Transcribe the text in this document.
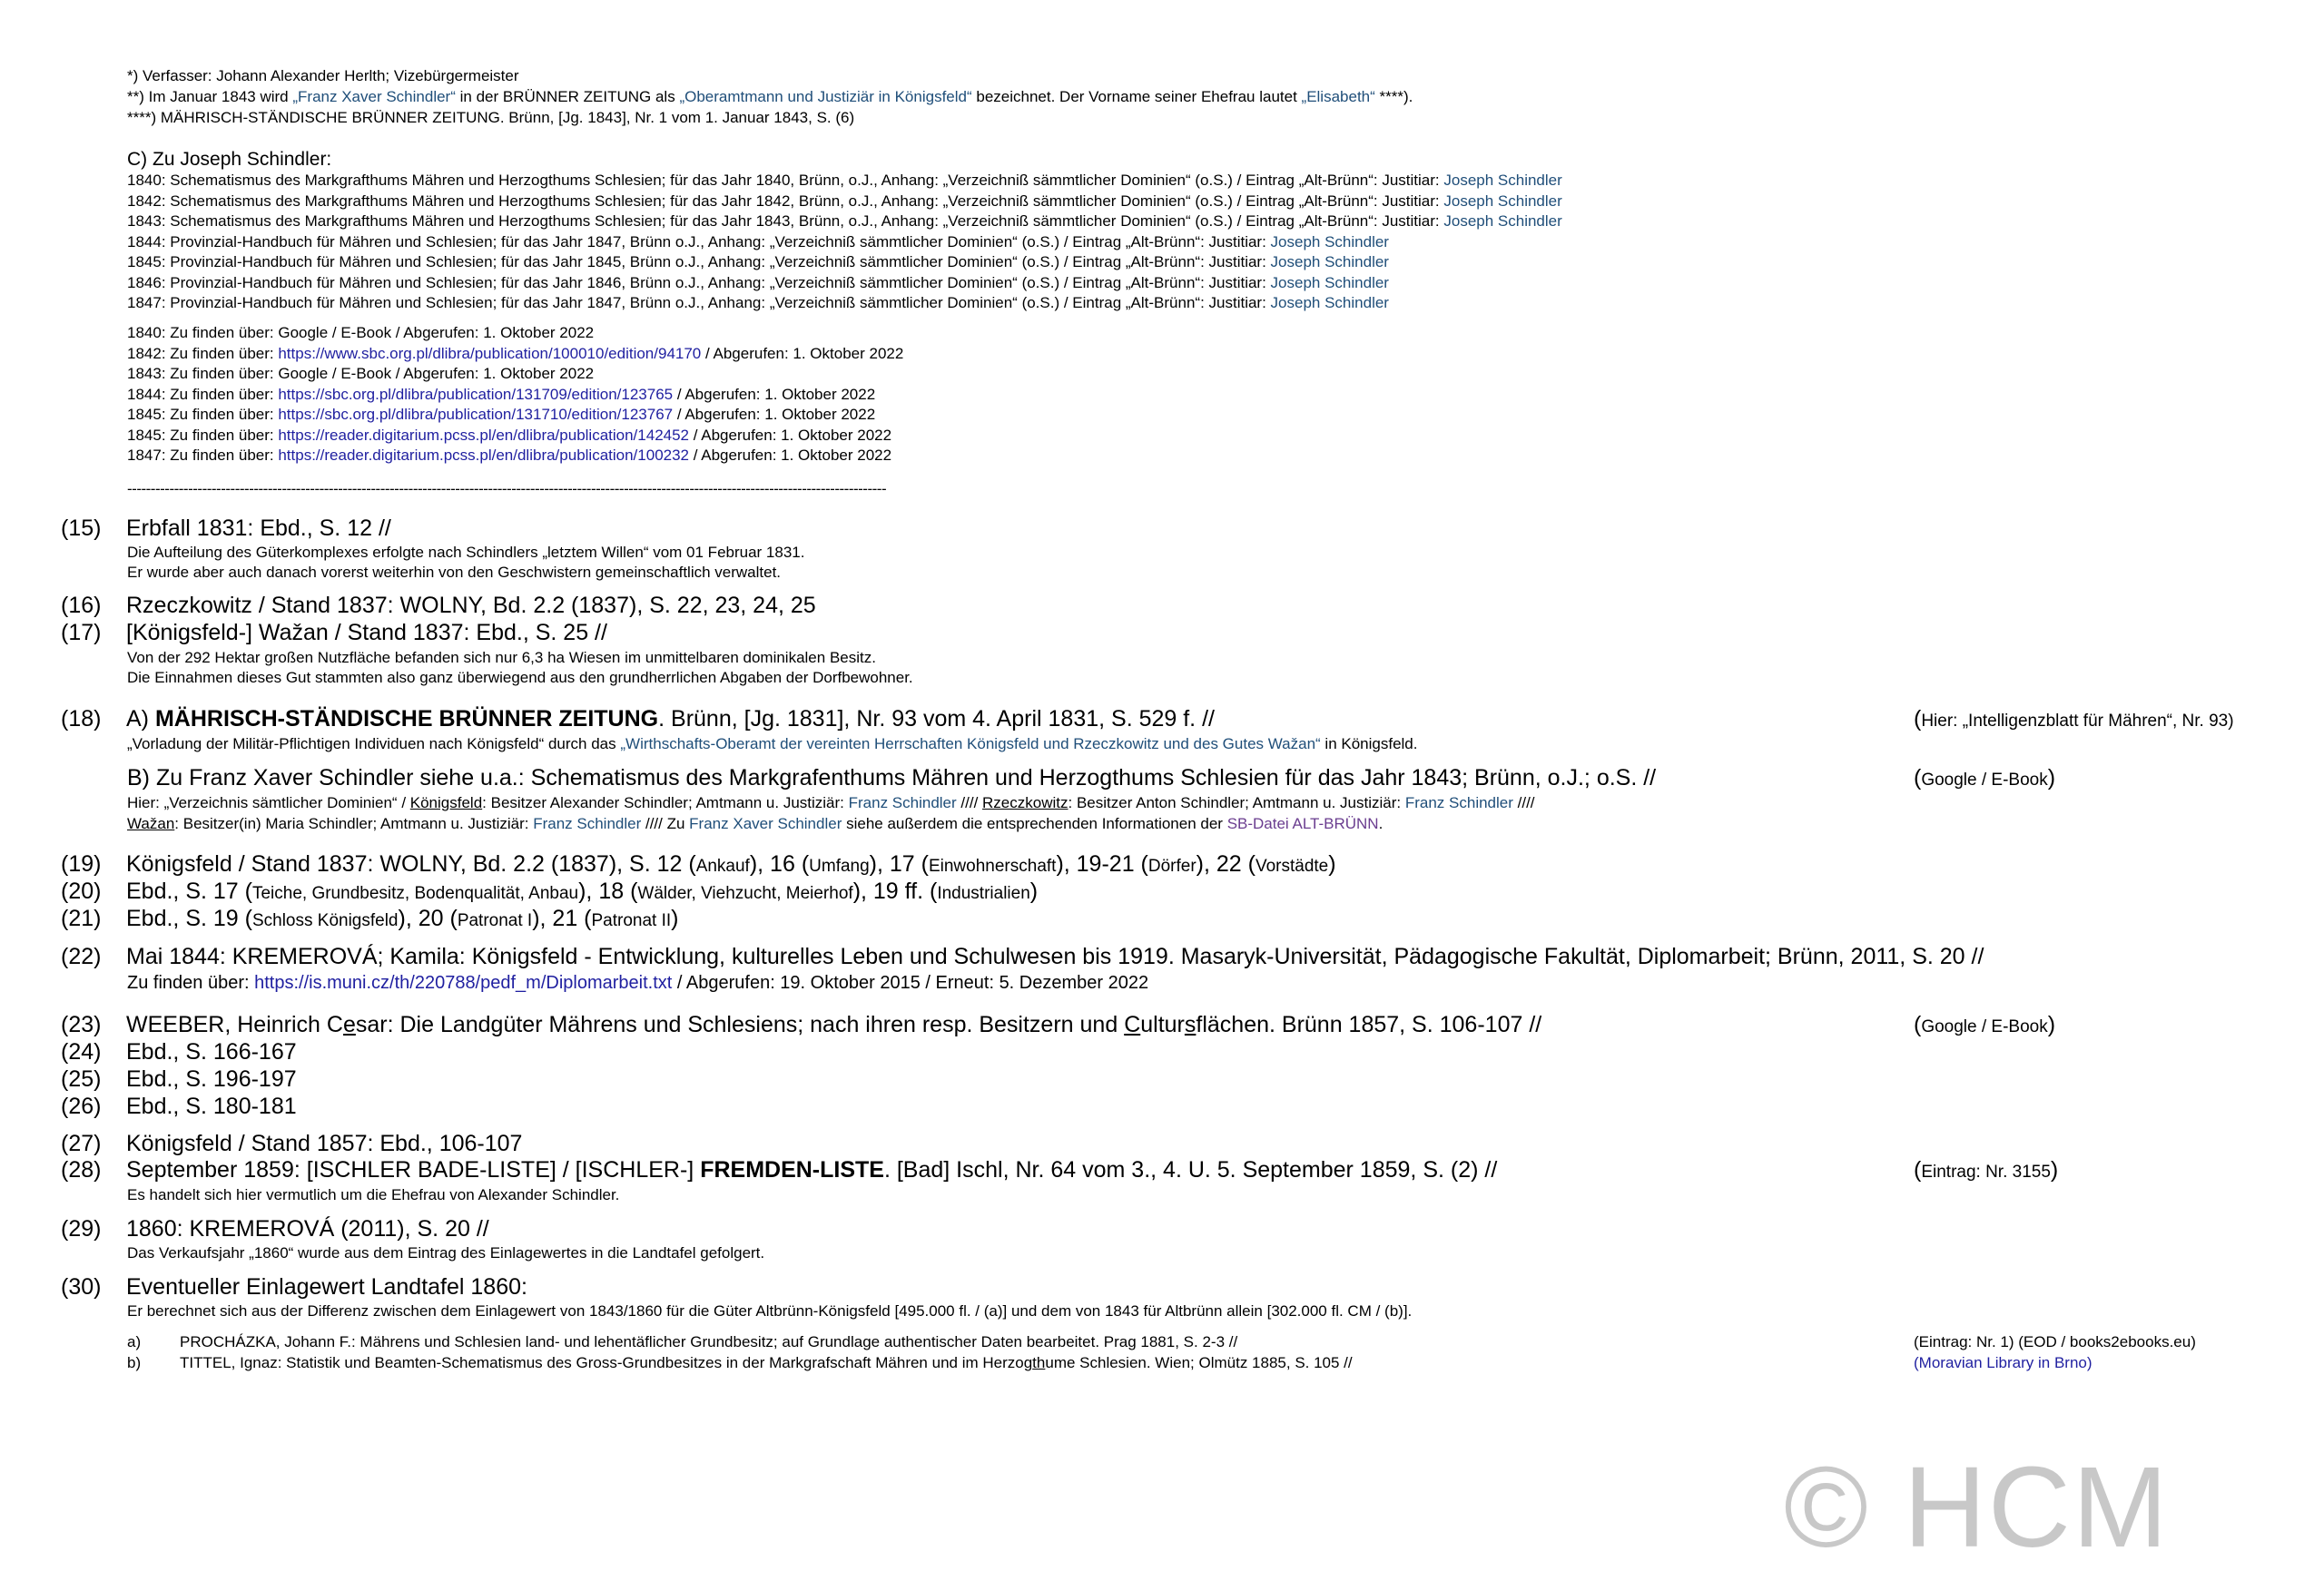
*) Verfasser: Johann Alexander Herlth; Vizebürgermeister
**) Im Januar 1843 wird „Franz Xaver Schindler“ in der BRÜNNER ZEITUNG als „Oberamtmann und Justiziär in Königsfeld“ bezeichnet. Der Vorname seiner Ehefrau lautet „Elisabeth“ ****).
****) MÄHRISCH-STÄNDISCHE BRÜNNER ZEITUNG. Brünn, [Jg. 1843], Nr. 1 vom 1. Januar 1843, S. (6)
C) Zu Joseph Schindler:
1840: Schematismus des Markgrafthums Mähren und Herzogthums Schlesien; für das Jahr 1840, Brünn, o.J., Anhang: „Verzeichniß sämmtlicher Dominien“ (o.S.) / Eintrag „Alt-Brünn“: Justitiar: Joseph Schindler
1842: Schematismus des Markgrafthums Mähren und Herzogthums Schlesien; für das Jahr 1842, Brünn, o.J., Anhang: „Verzeichniß sämmtlicher Dominien“ (o.S.) / Eintrag „Alt-Brünn“: Justitiar: Joseph Schindler
1843: Schematismus des Markgrafthums Mähren und Herzogthums Schlesien; für das Jahr 1843, Brünn, o.J., Anhang: „Verzeichniß sämmtlicher Dominien“ (o.S.) / Eintrag „Alt-Brünn“: Justitiar: Joseph Schindler
1844: Provinzial-Handbuch für Mähren und Schlesien; für das Jahr 1847, Brünn o.J., Anhang: „Verzeichniß sämmtlicher Dominien“ (o.S.) / Eintrag „Alt-Brünn“: Justitiar: Joseph Schindler
1845: Provinzial-Handbuch für Mähren und Schlesien; für das Jahr 1845, Brünn o.J., Anhang: „Verzeichniß sämmtlicher Dominien“ (o.S.) / Eintrag „Alt-Brünn“: Justitiar: Joseph Schindler
1846: Provinzial-Handbuch für Mähren und Schlesien; für das Jahr 1846, Brünn o.J., Anhang: „Verzeichniß sämmtlicher Dominien“ (o.S.) / Eintrag „Alt-Brünn“: Justitiar: Joseph Schindler
1847: Provinzial-Handbuch für Mähren und Schlesien; für das Jahr 1847, Brünn o.J., Anhang: „Verzeichniß sämmtlicher Dominien“ (o.S.) / Eintrag „Alt-Brünn“: Justitiar: Joseph Schindler
1840: Zu finden über: Google / E-Book / Abgerufen: 1. Oktober 2022
1842: Zu finden über: https://www.sbc.org.pl/dlibra/publication/100010/edition/94170 / Abgerufen: 1. Oktober 2022
1843: Zu finden über: Google / E-Book / Abgerufen: 1. Oktober 2022
1844: Zu finden über: https://sbc.org.pl/dlibra/publication/131709/edition/123765 / Abgerufen: 1. Oktober 2022
1845: Zu finden über: https://sbc.org.pl/dlibra/publication/131710/edition/123767 / Abgerufen: 1. Oktober 2022
1845: Zu finden über: https://reader.digitarium.pcss.pl/en/dlibra/publication/142452 / Abgerufen: 1. Oktober 2022
1847: Zu finden über: https://reader.digitarium.pcss.pl/en/dlibra/publication/100232 / Abgerufen: 1. Oktober 2022
------------------------------------------------------------------------------------------------------------------------------------------------------------------
(15) Erbfall 1831: Ebd., S. 12 //
Die Aufteilung des Güterkomplexes erfolgte nach Schindlers „letztem Willen“ vom 01 Februar 1831.
Er wurde aber auch danach vorerst weiterhin von den Geschwistern gemeinschaftlich verwaltet.
(16) Rzeczkowitz / Stand 1837: WOLNY, Bd. 2.2 (1837), S. 22, 23, 24, 25
(17) [Königsfeld-] Wažan / Stand 1837: Ebd., S. 25 //
Von der 292 Hektar großen Nutzfläche befanden sich nur 6,3 ha Wiesen im unmittelbaren dominikalen Besitz.
Die Einnahmen dieses Gut stammten also ganz überwiegend aus den grundherrlichen Abgaben der Dorfbewohner.
(18) A) MÄHRISCH-STÄNDISCHE BRÜNNER ZEITUNG. Brünn, [Jg. 1831], Nr. 93 vom 4. April 1831, S. 529 f. //	(Hier: „Intelligenzblatt für Mähren“, Nr. 93)
„Vorladung der Militär-Pflichtigen Individuen nach Königsfeld“ durch das „Wirthschafts-Oberamt der vereinten Herrschaften Königsfeld und Rzeczkowitz und des Gutes Wažan“ in Königsfeld.
B) Zu Franz Xaver Schindler siehe u.a.: Schematismus des Markgrafenthums Mähren und Herzogthums Schlesien für das Jahr 1843; Brünn, o.J.; o.S. //	(Google / E-Book)
Hier: „Verzeichnis sämtlicher Dominien“ / Königsfeld: Besitzer Alexander Schindler; Amtmann u. Justiziär: Franz Schindler //// Rzeczkowitz: Besitzer Anton Schindler; Amtmann u. Justiziär: Franz Schindler ////
Wažan: Besitzer(in) Maria Schindler; Amtmann u. Justiziär: Franz Schindler //// Zu Franz Xaver Schindler siehe außerdem die entsprechenden Informationen der SB-Datei ALT-BRÜNN.
(19) Königsfeld / Stand 1837: WOLNY, Bd. 2.2 (1837), S. 12 (Ankauf), 16 (Umfang), 17 (Einwohnerschaft), 19-21 (Dörfer), 22 (Vorstädte)
(20) Ebd., S. 17 (Teiche, Grundbesitz, Bodenqualität, Anbau), 18 (Wälder, Viehzucht, Meierhof), 19 ff. (Industrialien)
(21) Ebd., S. 19 (Schloss Königsfeld), 20 (Patronat I), 21 (Patronat II)
(22) Mai 1844: KREMEROVÁ; Kamila: Königsfeld - Entwicklung, kulturelles Leben und Schulwesen bis 1919. Masaryk-Universität, Pädagogische Fakultät, Diplomarbeit; Brünn, 2011, S. 20 //
Zu finden über: https://is.muni.cz/th/220788/pedf_m/Diplomarbeit.txt / Abgerufen: 19. Oktober 2015 / Erneut: 5. Dezember 2022
(23) WEEBER, Heinrich Cesar: Die Landgüter Mährens und Schlesiens; nach ihren resp. Besitzern und Cultursflächen. Brünn 1857, S. 106-107 //	(Google / E-Book)
(24) Ebd., S. 166-167
(25) Ebd., S. 196-197
(26) Ebd., S. 180-181
(27) Königsfeld / Stand 1857: Ebd., 106-107
(28) September 1859: [ISCHLER BADE-LISTE] / [ISCHLER-] FREMDEN-LISTE. [Bad] Ischl, Nr. 64 vom 3., 4. U. 5. September 1859, S. (2) //	(Eintrag: Nr. 3155)
Es handelt sich hier vermutlich um die Ehefrau von Alexander Schindler.
(29) 1860: KREMEROVÁ (2011), S. 20 //
Das Verkaufsjahr „1860“ wurde aus dem Eintrag des Einlagewertes in die Landtafel gefolgert.
(30) Eventueller Einlagewert Landtafel 1860:
Er berechnet sich aus der Differenz zwischen dem Einlagewert von 1843/1860 für die Güter Altbrünn-Königsfeld [495.000 fl. / (a)] und dem von 1843 für Altbrünn allein [302.000 fl. CM / (b)].
a)	PROCHÁZKA, Johann F.: Mährens und Schlesien land- und lehentäflicher Grundbesitz; auf Grundlage authentischer Daten bearbeitet. Prag 1881, S. 2-3 //	(Eintrag: Nr. 1) (EOD / books2ebooks.eu)
b)	TITTEL, Ignaz: Statistik und Beamten-Schematismus des Gross-Grundbesitzes in der Markgrafschaft Mähren und im Herzogthume Schlesien. Wien; Olmütz 1885, S. 105 //	(Moravian Library in Brno)
© HCM
